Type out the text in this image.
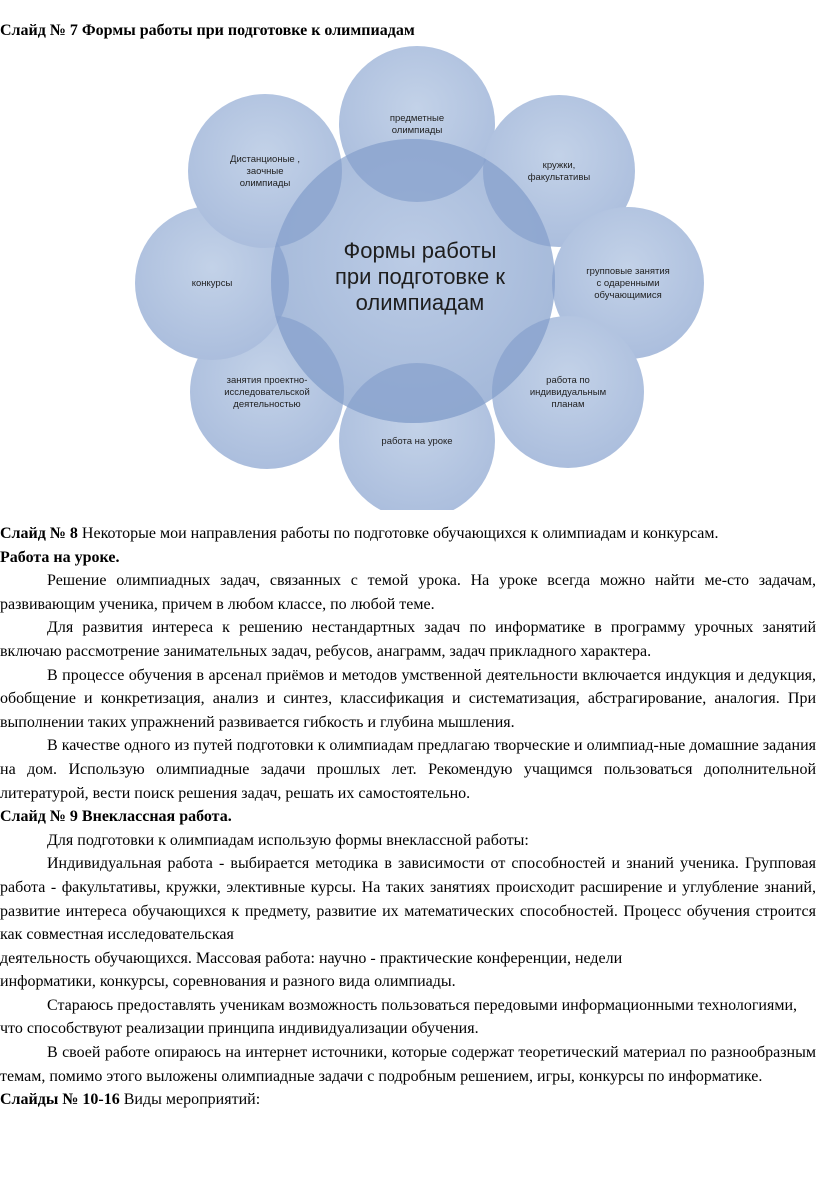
Слайд № 7 Формы работы при подготовке к олимпиадам
предметные олимпиады
кружки, факультативы
групповые занятия с одаренными обучающимися
работа по индивидуальным планам
работа на уроке
занятия проектно-исследовательской деятельностью
конкурсы
Дистанционые , заочные олимпиады
Формы работы при подготовке к олимпиадам

Слайд № 8 Некоторые мои направления работы по подготовке обучающихся к олимпиадам и конкурсам.

Работа на уроке.

Решение олимпиадных задач, связанных с темой урока. На уроке всегда можно найти ме-сто задачам, развивающим ученика, причем в любом классе, по любой теме.

Для развития интереса к решению нестандартных задач по информатике в программу урочных занятий включаю рассмотрение занимательных задач, ребусов, анаграмм, задач прикладного характера.

В процессе обучения в арсенал приёмов и методов умственной деятельности включается индукция и дедукция, обобщение и конкретизация, анализ и синтез, классификация и систематизация, абстрагирование, аналогия. При выполнении таких упражнений развивается гибкость и глубина мышления.

В качестве одного из путей подготовки к олимпиадам предлагаю творческие и олимпиад-ные домашние задания на дом. Использую олимпиадные задачи прошлых лет. Рекомендую учащимся пользоваться дополнительной литературой, вести поиск решения задач, решать их самостоятельно.

Слайд № 9 Внеклассная работа.

Для подготовки к олимпиадам использую формы внеклассной работы:

Индивидуальная работа - выбирается методика в зависимости от способностей и знаний ученика. Групповая работа - факультативы, кружки, элективные курсы. На таких занятиях происходит расширение и углубление знаний, развитие интереса обучающихся к предмету, развитие их математических способностей. Процесс обучения строится как совместная исследовательская

деятельность обучающихся. Массовая работа: научно - практические конференции, недели

информатики, конкурсы, соревнования и разного вида олимпиады.

Стараюсь предоставлять ученикам возможность пользоваться передовыми информационными технологиями, что способствуют реализации принципа индивидуализации обучения.

В своей работе опираюсь на интернет источники, которые содержат теоретический материал по разнообразным темам, помимо этого выложены олимпиадные задачи с подробным решением, игры, конкурсы по информатике.

Слайды № 10-16 Виды мероприятий:
